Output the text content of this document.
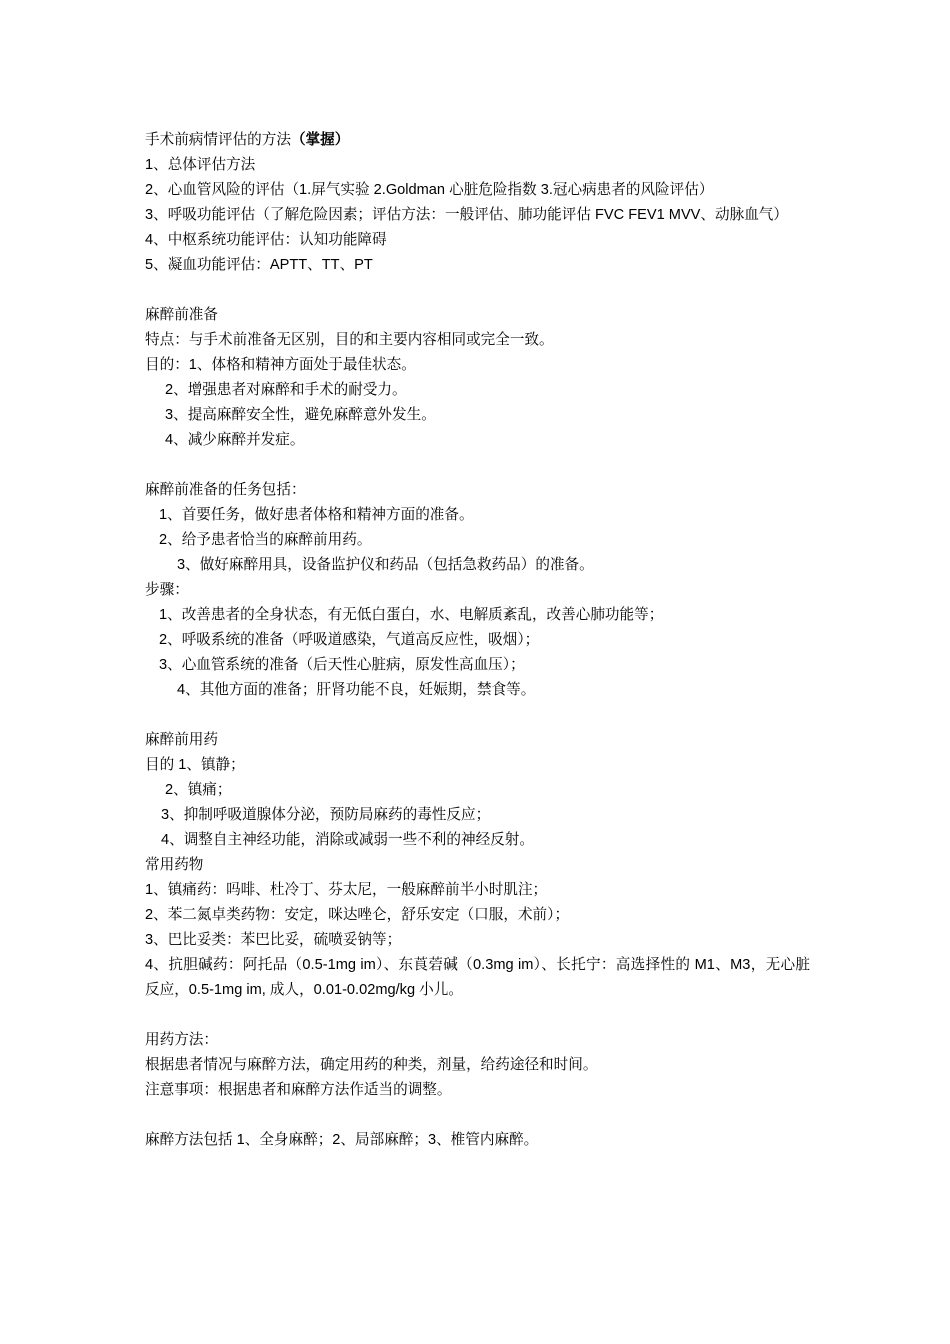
手术前病情评估的方法（掌握）
1、总体评估方法
2、心血管风险的评估（1.屏气实验 2.Goldman 心脏危险指数 3.冠心病患者的风险评估）
3、呼吸功能评估（了解危险因素；评估方法：一般评估、肺功能评估 FVC FEV1 MVV、动脉血气）
4、中枢系统功能评估：认知功能障碍
5、凝血功能评估：APTT、TT、PT
麻醉前准备
特点：与手术前准备无区别，目的和主要内容相同或完全一致。
目的：1、体格和精神方面处于最佳状态。
2、增强患者对麻醉和手术的耐受力。
3、提高麻醉安全性，避免麻醉意外发生。
4、减少麻醉并发症。
麻醉前准备的任务包括：
1、首要任务，做好患者体格和精神方面的准备。
2、给予患者恰当的麻醉前用药。
3、做好麻醉用具，设备监护仪和药品（包括急救药品）的准备。
步骤：
1、改善患者的全身状态，有无低白蛋白，水、电解质紊乱，改善心肺功能等；
2、呼吸系统的准备（呼吸道感染，气道高反应性，吸烟）；
3、心血管系统的准备（后天性心脏病，原发性高血压）；
4、其他方面的准备；肝肾功能不良，妊娠期，禁食等。
麻醉前用药
目的 1、镇静；
2、镇痛；
3、抑制呼吸道腺体分泌，预防局麻药的毒性反应；
4、调整自主神经功能，消除或减弱一些不利的神经反射。
常用药物
1、镇痛药：吗啡、杜冷丁、芬太尼，一般麻醉前半小时肌注；
2、苯二氮卓类药物：安定，咪达唑仑，舒乐安定（口服，术前）；
3、巴比妥类：苯巴比妥，硫喷妥钠等；
4、抗胆碱药：阿托品（0.5-1mg im）、东莨菪碱（0.3mg im）、长托宁：高选择性的 M1、M3，无心脏反应，0.5-1mg im, 成人，0.01-0.02mg/kg 小儿。
用药方法：
根据患者情况与麻醉方法，确定用药的种类，剂量，给药途径和时间。
注意事项：根据患者和麻醉方法作适当的调整。
麻醉方法包括 1、全身麻醉；2、局部麻醉；3、椎管内麻醉。
